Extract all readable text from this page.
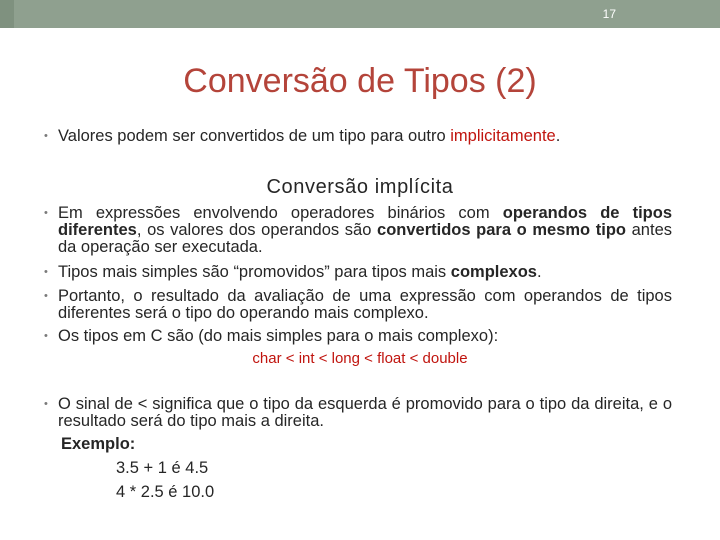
17
Conversão de Tipos (2)
• Valores podem ser convertidos de um tipo para outro implicitamente.
Conversão implícita
• Em expressões envolvendo operadores binários com operandos de tipos diferentes, os valores dos operandos são convertidos para o mesmo tipo antes da operação ser executada.
• Tipos mais simples são “promovidos” para tipos mais complexos.
• Portanto, o resultado da avaliação de uma expressão com operandos de tipos diferentes será o tipo do operando mais complexo.
• Os tipos em C são (do mais simples para o mais complexo):
char < int < long < float < double
• O sinal de < significa que o tipo da esquerda é promovido para o tipo da direita, e o resultado será do tipo mais a direita.
Exemplo:
3.5 + 1 é 4.5
4 * 2.5 é 10.0
